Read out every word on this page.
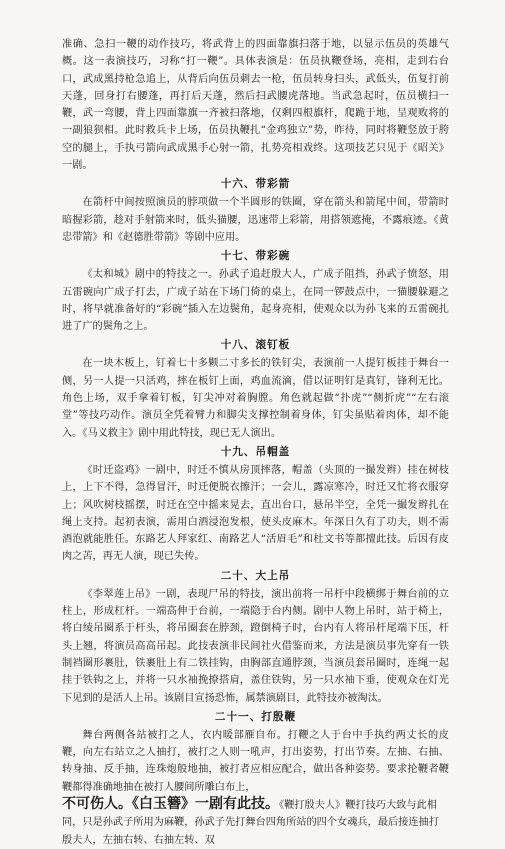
准确、急扫一鞭的动作技巧，将武背上的四面靠旗扫落于地，以显示伍员的英雄气概。这一表演技巧，习称“打一鞭”。具体表演是：伍员执鞭登场，亮相，走到右台口，武成黑持枪急追上，从背后向伍员刺去一枪，伍员转身扫头，武低头，伍复打前天蓬，回身打右腰蓬，再打后天蓬，然后扫武腰虎落地。当武急起时，伍员横扫一鞭，武一弯腰，背上四面靠旗一齐被扫落地，仅剩四根旗杆，爬跪于地，呈观败将的一副狼狈相。此时救兵卡上场，伍员执鞭扎“金鸡独立”势，昨待，同时将鞭竖放于胯空的腿上，手执弓箭向武成黑手心射一箭，扎势亮相戏终。这项技艺只见于《昭关》一剧。

十六、带彩箭

在箭杆中间按照演员的脖项做一个半圆形的铁圈，穿在箭头和箭尾中间，带箭时暗握彩箭，趁对手射箭来时，低头猫腰，迅速带上彩箭，用搭领遮掩，不露痕迹。《黄忠带箭》和《赵德胜带箭》等剧中应用。

十七、带彩碗

《太和城》剧中的特技之一。孙武子追赶殷大人，广成子阻挡，孙武子愤怒，用五雷碗向广成子打去，广成子站在下场门倚的桌上，在同一锣鼓点中，一猫腰躲避之时，将早就准备好的“彩碗”插入左边鬓角，起身亮相，使观众以为孙飞来的五雷碗扎进了广的鬓角之上。

十八、滚钉板

在一块木板上，钉着七十多颗二寸多长的铁钉尖，表演前一人提钉板挂于舞台一侧，另一人提一只活鸡，摔在板钉上面，鸡血流滴，借以证明钉是真钉，锋利无比。角色上场，双手拿着钉板，钉尖冲对着胸膛。角色就起做“扑虎”“侧折虎”“左右滚堂”等技巧动作。演员全凭着臂力和脚尖支撑控制着身体，钉尖虽贴着肉体，却不能入。《马义救主》剧中用此特技，现已无人演出。

十九、吊帽盖

《时迁盗鸡》一剧中，时迁不慎从房顶摔落，帽盖（头顶的一撮发辫）挂在树枝上，上下不得，急得冒汗，时迁便脱衣擦汗；一会儿，露凉寒冷，时迁又忙将衣服穿上；风吹树枝摇摆，时迁在空中摇来晃去，直出台口，悬吊半空，全凭一撮发辫扎在绳上支持。起初表演，需用白酒浸泡发根，使头皮麻木。年深日久有了功夫，则不需酒泡就能胜任。东路艺人拜家红、南路艺人“活眉毛”和杜文书等都擅此技。后因有皮肉之苦，再无人演，现已失传。

二十、大上吊

《李翠莲上吊》一剧，表现尸吊的特技，演出前将一吊杆中段横绑于舞台前的立柱上，形成杠杆。一端高伸于台前，一端隐于台内侧。剧中人物上吊时，站于椅上，将白绫吊圈系于杆头，将吊圈套在脖颈，蹬倒椅子时，台内有人将吊杆尾端下压，杆头上翘，将演员高高吊起。此技表演非民间社火借鉴而来，方法是演员事先穿有一铁制裆圈形裹肚，铁裹肚上有二铁挂钩，由胸部直通脖颈，当演员套吊圈时，连绳一起挂于铁钩之上，并将一只水袖挽撩搭肩，盖住铁钩，另一只水袖下垂，使观众在灯光下见到的是活人上吊。该剧目宣扬恐怖，属禁演剧目，此特技亦被淘汰。

二十一、打殷鞭

舞台两侧各站被打之人，衣内暖部雁自布。打鞭之人于台中手执约两丈长的皮鞭，向左右站立之人抽打，被打之人则一吼声，打出姿势，打出节奏。左抽、右抽、转身抽、反手抽，连珠炮般地抽，被打者应相应配合，做出各种姿势。要求抡鞭者鞭鞭都得准确地抽在被打人腰间所雕白布上，

不可伤人。《白玉簪》一剧有此技。《鞭打殷夫人》鞭打技巧大致与此相同，只是孙武子所用为麻鞭，孙武子先打舞台四角所站的四个女魂兵，最后接连抽打殷夫人，左抽右转、右抽左转、双
